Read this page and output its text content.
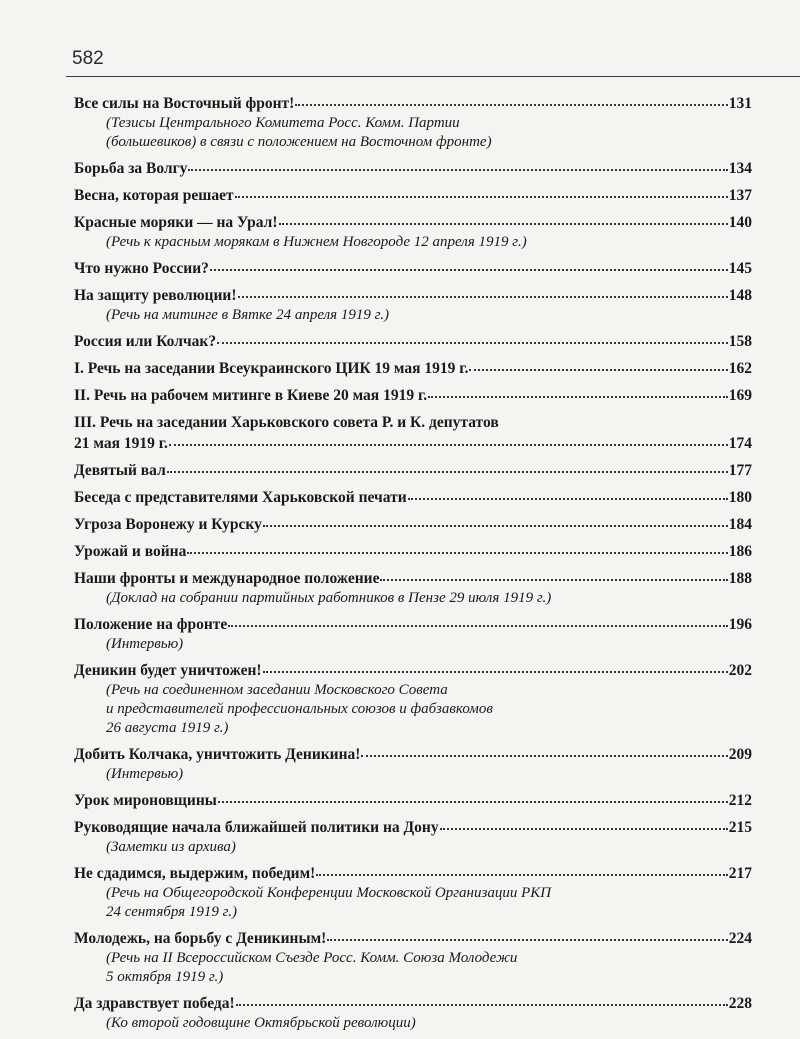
582
Все силы на Восточный фронт!	131
(Тезисы Центрального Комитета Росс. Комм. Партии
(большевиков) в связи с положением на Восточном фронте)
Борьба за Волгу	134
Весна, которая решает	137
Красные моряки — на Урал!	140
(Речь к красным морякам в Нижнем Новгороде 12 апреля 1919 г.)
Что нужно России?	145
На защиту революции!	148
(Речь на митинге в Вятке 24 апреля 1919 г.)
Россия или Колчак?	158
I. Речь на заседании Всеукраинского ЦИК 19 мая 1919 г.	162
II. Речь на рабочем митинге в Киеве 20 мая 1919 г.	169
III. Речь на заседании Харьковского совета Р. и К. депутатов
21 мая 1919 г.	174
Девятый вал	177
Беседа с представителями Харьковской печати	180
Угроза Воронежу и Курску	184
Урожай и война	186
Наши фронты и международное положение	188
(Доклад на собрании партийных работников в Пензе 29 июля 1919 г.)
Положение на фронте	196
(Интервью)
Деникин будет уничтожен!	202
(Речь на соединенном заседании Московского Совета
и представителей профессиональных союзов и фабзавкомов
26 августа 1919 г.)
Добить Колчака, уничтожить Деникина!	209
(Интервью)
Урок мироновщины	212
Руководящие начала ближайшей политики на Дону	215
(Заметки из архива)
Не сдадимся, выдержим, победим!	217
(Речь на Общегородской Конференции Московской Организации РКП
24 сентября 1919 г.)
Молодежь, на борьбу с Деникиным!	224
(Речь на II Всероссийском Съезде Росс. Комм. Союза Молодежи
5 октября 1919 г.)
Да здравствует победа!	228
(Ко второй годовщине Октябрьской революции)
